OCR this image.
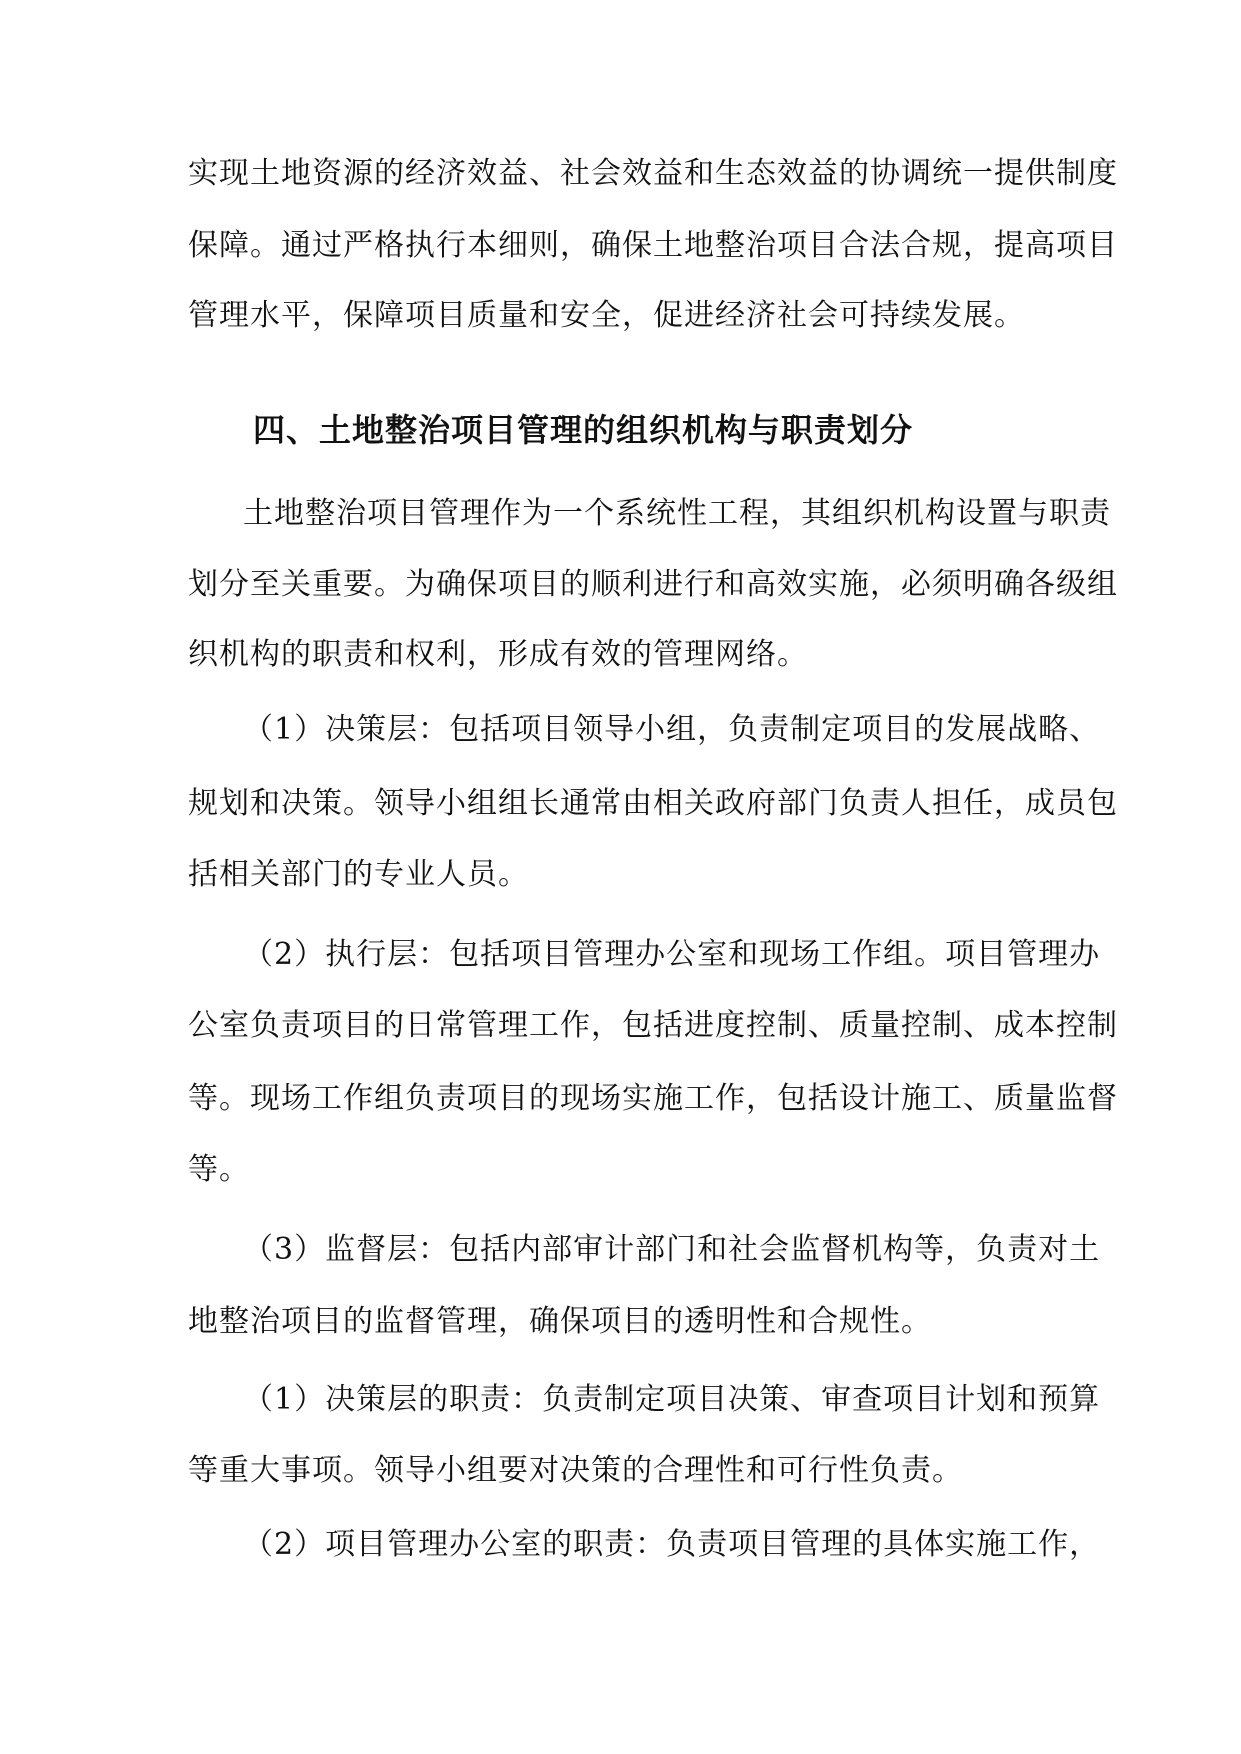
实现土地资源的经济效益、社会效益和生态效益的协调统一提供制度
保障。通过严格执行本细则，确保土地整治项目合法合规，提高项目
管理水平，保障项目质量和安全，促进经济社会可持续发展。
四、土地整治项目管理的组织机构与职责划分
土地整治项目管理作为一个系统性工程，其组织机构设置与职责
划分至关重要。为确保项目的顺利进行和高效实施，必须明确各级组
织机构的职责和权利，形成有效的管理网络。
（1）决策层：包括项目领导小组，负责制定项目的发展战略、
规划和决策。领导小组组长通常由相关政府部门负责人担任，成员包
括相关部门的专业人员。
（2）执行层：包括项目管理办公室和现场工作组。项目管理办
公室负责项目的日常管理工作，包括进度控制、质量控制、成本控制
等。现场工作组负责项目的现场实施工作，包括设计施工、质量监督
等。
（3）监督层：包括内部审计部门和社会监督机构等，负责对土
地整治项目的监督管理，确保项目的透明性和合规性。
（1）决策层的职责：负责制定项目决策、审查项目计划和预算
等重大事项。领导小组要对决策的合理性和可行性负责。
（2）项目管理办公室的职责：负责项目管理的具体实施工作，
